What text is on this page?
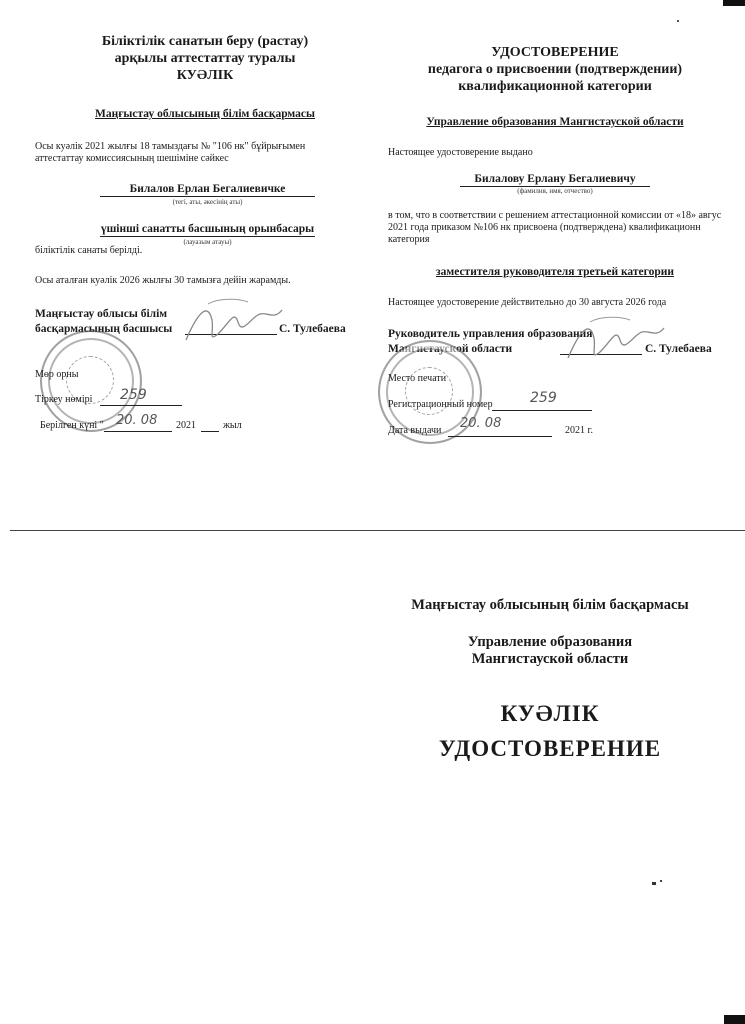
Біліктілік санатын беру (растау)
арқылы аттестаттау туралы
КУӘЛІК
Маңғыстау облысының білім басқармасы
Осы куәлік 2021 жылғы 18 тамыздағы № "106 нк" бұйрығымен
аттестаттау комиссиясының шешіміне сәйкес
Билалов Ерлан Бегалиевичке
(тегі, аты, әкесінің аты)
үшінші санатты басшының орынбасары
(лауазым атауы)
біліктілік санаты берілді.
Осы аталған куәлік 2026 жылғы 30 тамызға дейін жарамды.
Маңғыстау облысы білім
басқармасының басшысы	С. Тулебаева
Мөр орны
Тіркеу нөмірі 259
Берілген күні " 20. 08 2021	жыл
УДОСТОВЕРЕНИЕ
педагога о присвоении (подтверждении)
квалификационной категории
Управление образования Мангистауской области
Настоящее удостоверение выдано
Билалову Ерлану Бегалиевичу
(фамилия, имя, отчество)
в том, что в соответствии с решением аттестационной комиссии от «18» авгус
2021 года приказом №106 нк присвоена (подтверждена) квалификационн
категория
заместителя руководителя третьей категории
Настоящее удостоверение действительно до 30 августа 2026 года
Руководитель управления образования
Мангистауской области	С. Тулебаева
Место печати
Регистрационный номер	259
Дата выдачи 20. 08	2021 г.
Маңғыстау облысының білім басқармасы
Управление образования
Мангистауской области
КУӘЛІК
УДОСТОВЕРЕНИЕ
